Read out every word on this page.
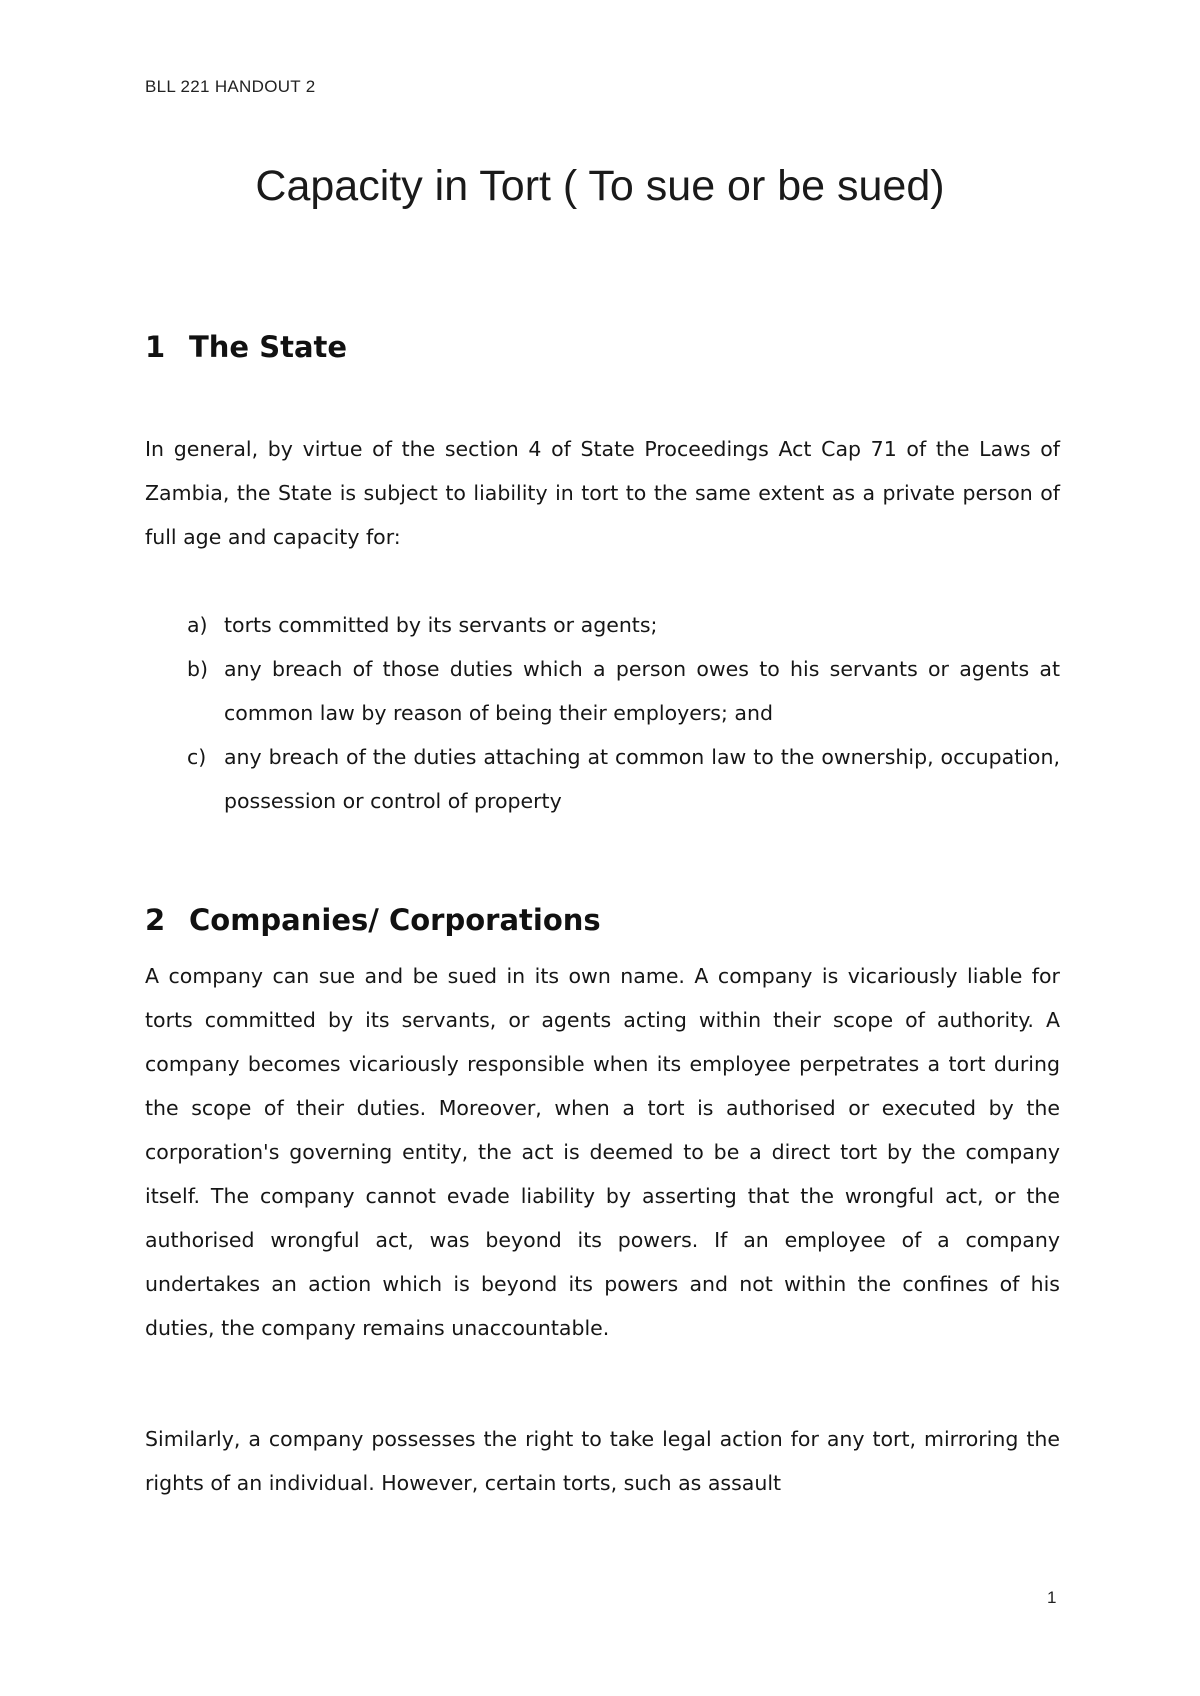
BLL 221 HANDOUT 2
Capacity in Tort ( To sue or be sued)
1 The State

In general, by virtue of the section 4 of State Proceedings Act Cap 71 of the Laws of Zambia, the State is subject to liability in tort to the same extent as a private person of full age and capacity for:

a) torts committed by its servants or agents;
b) any breach of those duties which a person owes to his servants or agents at common law by reason of being their employers; and
c) any breach of the duties attaching at common law to the ownership, occupation, possession or control of property
2 Companies/ Corporations

A company can sue and be sued in its own name. A company is vicariously liable for torts committed by its servants, or agents acting within their scope of authority. A company becomes vicariously responsible when its employee perpetrates a tort during the scope of their duties. Moreover, when a tort is authorised or executed by the corporation's governing entity, the act is deemed to be a direct tort by the company itself. The company cannot evade liability by asserting that the wrongful act, or the authorised wrongful act, was beyond its powers. If an employee of a company undertakes an action which is beyond its powers and not within the confines of his duties, the company remains unaccountable.

Similarly, a company possesses the right to take legal action for any tort, mirroring the rights of an individual. However, certain torts, such as assault

1
